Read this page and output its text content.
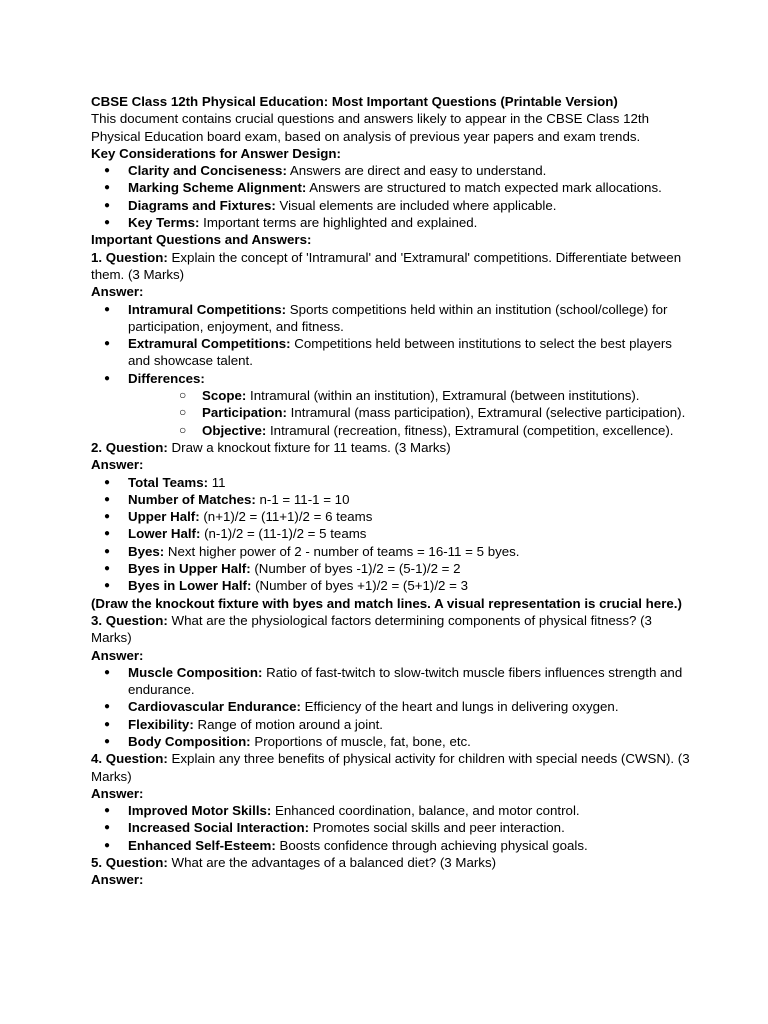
CBSE Class 12th Physical Education: Most Important Questions (Printable Version)

This document contains crucial questions and answers likely to appear in the CBSE Class 12th Physical Education board exam, based on analysis of previous year papers and exam trends.

Key Considerations for Answer Design:

● Clarity and Conciseness: Answers are direct and easy to understand.
● Marking Scheme Alignment: Answers are structured to match expected mark allocations.
● Diagrams and Fixtures: Visual elements are included where applicable.
● Key Terms: Important terms are highlighted and explained.

Important Questions and Answers:

1. Question: Explain the concept of 'Intramural' and 'Extramural' competitions. Differentiate between them. (3 Marks)

Answer:

● Intramural Competitions: Sports competitions held within an institution (school/college) for participation, enjoyment, and fitness.
● Extramural Competitions: Competitions held between institutions to select the best players and showcase talent.
● Differences:
○ Scope: Intramural (within an institution), Extramural (between institutions).
○ Participation: Intramural (mass participation), Extramural (selective participation).
○ Objective: Intramural (recreation, fitness), Extramural (competition, excellence).

2. Question: Draw a knockout fixture for 11 teams. (3 Marks)

Answer:

● Total Teams: 11
● Number of Matches: n-1 = 11-1 = 10
● Upper Half: (n+1)/2 = (11+1)/2 = 6 teams
● Lower Half: (n-1)/2 = (11-1)/2 = 5 teams
● Byes: Next higher power of 2 - number of teams = 16-11 = 5 byes.
● Byes in Upper Half: (Number of byes -1)/2 = (5-1)/2 = 2
● Byes in Lower Half: (Number of byes +1)/2 = (5+1)/2 = 3

(Draw the knockout fixture with byes and match lines. A visual representation is crucial here.)

3. Question: What are the physiological factors determining components of physical fitness? (3 Marks)

Answer:

● Muscle Composition: Ratio of fast-twitch to slow-twitch muscle fibers influences strength and endurance.
● Cardiovascular Endurance: Efficiency of the heart and lungs in delivering oxygen.
● Flexibility: Range of motion around a joint.
● Body Composition: Proportions of muscle, fat, bone, etc.

4. Question: Explain any three benefits of physical activity for children with special needs (CWSN). (3 Marks)

Answer:

● Improved Motor Skills: Enhanced coordination, balance, and motor control.
● Increased Social Interaction: Promotes social skills and peer interaction.
● Enhanced Self-Esteem: Boosts confidence through achieving physical goals.

5. Question: What are the advantages of a balanced diet? (3 Marks)

Answer:
